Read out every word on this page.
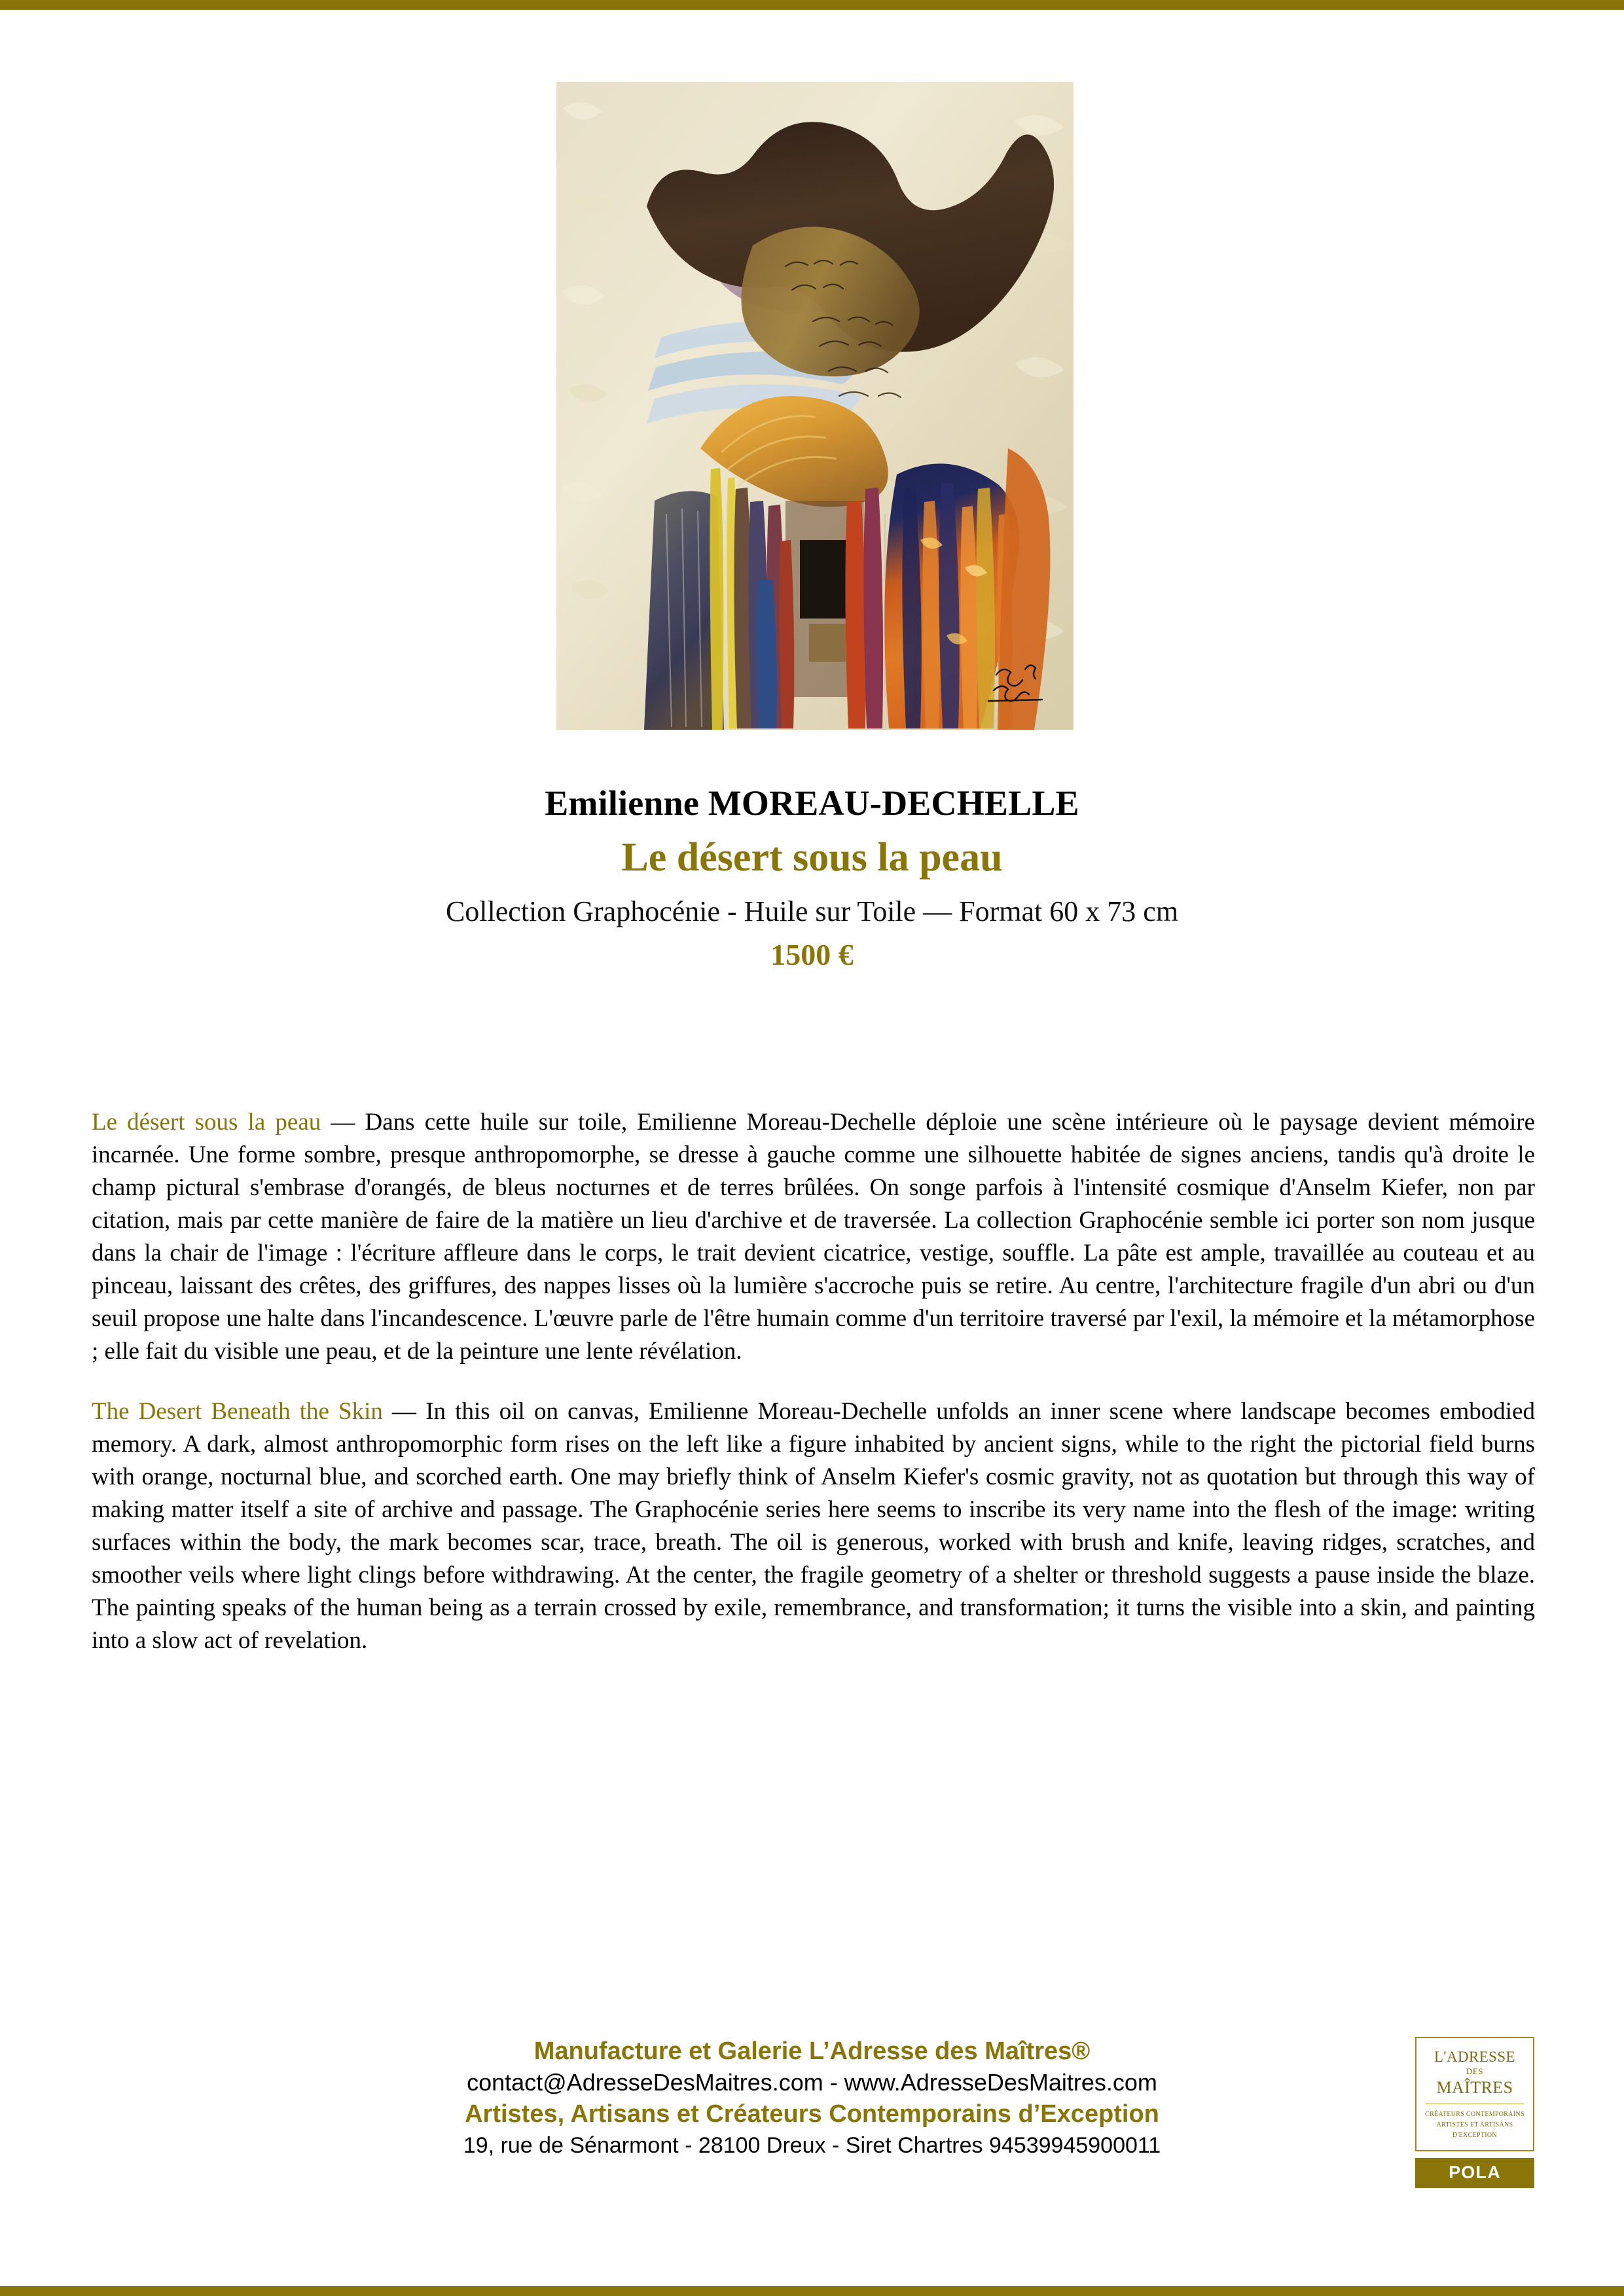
Emilienne MOREAU-DECHELLE
Le désert sous la peau
Collection Graphocénie - Huile sur Toile — Format 60 x 73 cm
1500 €

Le désert sous la peau — Dans cette huile sur toile, Emilienne Moreau-Dechelle déploie une scène intérieure où le paysage devient mémoire incarnée. Une forme sombre, presque anthropomorphe, se dresse à gauche comme une silhouette habitée de signes anciens, tandis qu'à droite le champ pictural s'embrase d'orangés, de bleus nocturnes et de terres brûlées. On songe parfois à l'intensité cosmique d'Anselm Kiefer, non par citation, mais par cette manière de faire de la matière un lieu d'archive et de traversée. La collection Graphocénie semble ici porter son nom jusque dans la chair de l'image : l'écriture affleure dans le corps, le trait devient cicatrice, vestige, souffle. La pâte est ample, travaillée au couteau et au pinceau, laissant des crêtes, des griffures, des nappes lisses où la lumière s'accroche puis se retire. Au centre, l'architecture fragile d'un abri ou d'un seuil propose une halte dans l'incandescence. L'œuvre parle de l'être humain comme d'un territoire traversé par l'exil, la mémoire et la métamorphose ; elle fait du visible une peau, et de la peinture une lente révélation.

The Desert Beneath the Skin — In this oil on canvas, Emilienne Moreau-Dechelle unfolds an inner scene where landscape becomes embodied memory. A dark, almost anthropomorphic form rises on the left like a figure inhabited by ancient signs, while to the right the pictorial field burns with orange, nocturnal blue, and scorched earth. One may briefly think of Anselm Kiefer's cosmic gravity, not as quotation but through this way of making matter itself a site of archive and passage. The Graphocénie series here seems to inscribe its very name into the flesh of the image: writing surfaces within the body, the mark becomes scar, trace, breath. The oil is generous, worked with brush and knife, leaving ridges, scratches, and smoother veils where light clings before withdrawing. At the center, the fragile geometry of a shelter or threshold suggests a pause inside the blaze. The painting speaks of the human being as a terrain crossed by exile, remembrance, and transformation; it turns the visible into a skin, and painting into a slow act of revelation.

Manufacture et Galerie L’Adresse des Maîtres®
contact@AdresseDesMaitres.com - www.AdresseDesMaitres.com
Artistes, Artisans et Créateurs Contemporains d’Exception
19, rue de Sénarmont - 28100 Dreux - Siret Chartres 94539945900011
L'ADRESSE
DES
MAÎTRES
CRÉATEURS CONTEMPORAINS
ARTISTES ET ARTISANS
D'EXCEPTION
POLA
